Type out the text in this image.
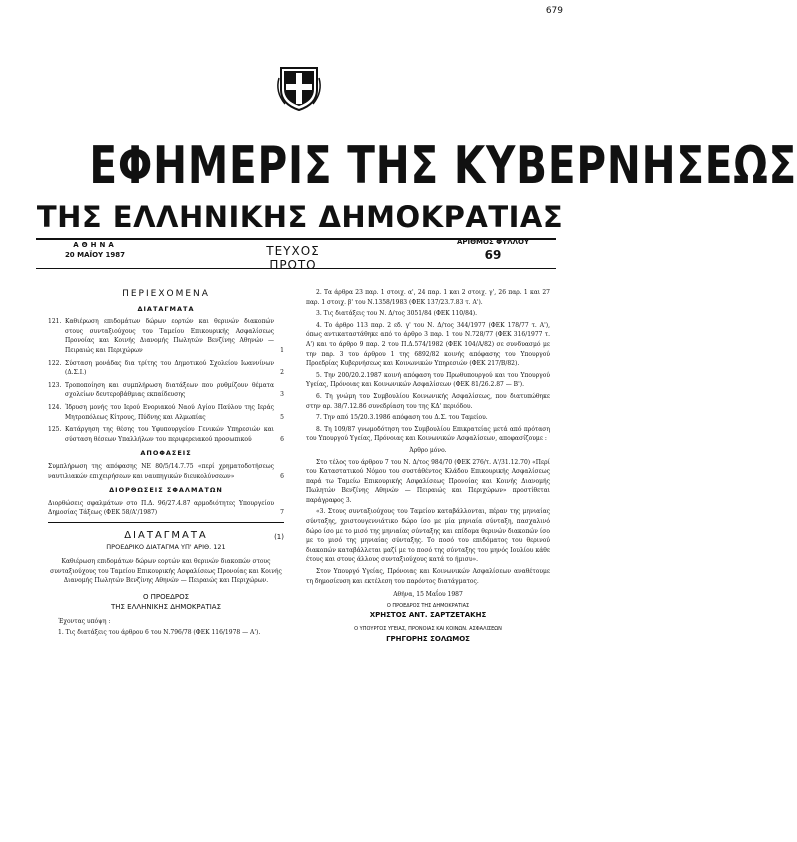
679
ΕΦΗΜΕΡΙΣ ΤΗΣ ΚΥΒΕΡΝΗΣΕΩΣ
ΤΗΣ ΕΛΛΗΝΙΚΗΣ ΔΗΜΟΚΡΑΤΙΑΣ
ΑΘΗΝΑ
20 ΜΑΪΟΥ 1987	ΤΕΥΧΟΣ ΠΡΩΤΟ
ΑΡΙΘΜΟΣ ΦΥΛΛΟΥ
69
ΠΕΡΙΕΧΟΜΕΝΑ
ΔΙΑΤΑΓΜΑΤΑ
121. Καθιέρωση επιδομάτων δώρων εορτών και θερινών διακοπών στους συνταξιούχους του Ταμείου Επικουρικής Ασφαλίσεως Προνοίας και Κοινής Διανομής Πωλητών Βενζίνης Αθηνών — Πειραιώς και Περιχώρων	1
122. Σύσταση μονάδας δια τρίτης του Δημοτικού Σχολείου Ιωαννίνων (Δ.Σ.Ι.)	2
123. Τροποποίηση και συμπλήρωση διατάξεων που ρυθμίζουν θέματα σχολείων δευτεροβάθμιας εκπαίδευσης	3
124. Ίδρυση μονής του Ιερού Ενοριακού Ναού Αγίου Παύλου της Ιεράς Μητροπόλεως Κίτρους, Πύδνης και Αλμωπίας	5
125. Κατάργηση της θέσης του Υφυπουργείου Γενικών Υπηρεσιών και σύσταση θέσεων Υπαλλήλων του περιφερειακού προσωπικού	6
ΑΠΟΦΑΣΕΙΣ
Συμπλήρωση της απόφασης ΝΕ 80/5/14.7.75 «περί χρηματοδοτήσεως ναυτιλιακών επιχειρήσεων και ναυπηγικών διευκολύνσεων»	6
ΔΙΟΡΘΩΣΕΙΣ ΣΦΑΛΜΑΤΩΝ
Διορθώσεις σφαλμάτων στο Π.Δ. 96/27.4.87 αρμοδιότητες Υπουργείου Δημοσίας Τάξεως (ΦΕΚ 58/Α'/1987)	7
ΔΙΑΤΑΓΜΑΤΑ
ΠΡΟΕΔΡΙΚΟ ΔΙΑΤΑΓΜΑ ΥΠ' ΑΡΙΘ. 121
(1)
Καθιέρωση επιδομάτων δώρων εορτών και θερινών διακοπών στους συνταξιούχους του Ταμείου Επικουρικής Ασφαλίσεως Προνοίας και Κοινής Διανομής Πωλητών Βενζίνης Αθηνών — Πειραιώς και Περιχώρων.
Ο ΠΡΟΕΔΡΟΣ
ΤΗΣ ΕΛΛΗΝΙΚΗΣ ΔΗΜΟΚΡΑΤΙΑΣ
Έχοντας υπόψη :
1. Τις διατάξεις του άρθρου 6 του Ν.796/78 (ΦΕΚ 116/1978 — Α').
2. Τα άρθρα 23 παρ. 1 στοιχ. α', 24 παρ. 1 και 2 στοιχ. γ', 26 παρ. 1 και 27 παρ. 1 στοιχ. β' του Ν.1358/1983 (ΦΕΚ 137/23.7.83 τ. Α').
3. Τις διατάξεις του Ν. Δ/τος 3051/84 (ΦΕΚ 110/84).
4. Το άρθρο 113 παρ. 2 εδ. γ' του Ν. Δ/τος 344/1977 (ΦΕΚ 178/77 τ. Α'), όπως αντικαταστάθηκε από το άρθρο 3 παρ. 1 του Ν.728/77 (ΦΕΚ 316/1977 τ. Α') και το άρθρο 9 παρ. 2 του Π.Δ.574/1982 (ΦΕΚ 104/Α/82) σε συνδυασμό με την παρ. 3 του άρθρου 1 της 6892/82 κοινής απόφασης του Υπουργού Προεδρίας Κυβερνήσεως και Κοινωνικών Υπηρεσιών (ΦΕΚ 217/Β/82).
5. Την 200/20.2.1987 κοινή απόφαση του Πρωθυπουργού και του Υπουργού Υγείας, Πρόνοιας και Κοινωνικών Ασφαλίσεων (ΦΕΚ 81/26.2.87 — Β').
6. Τη γνώμη του Συμβουλίου Κοινωνικής Ασφαλίσεως, που διατυπώθηκε στην αρ. 38/7.12.86 συνεδρίαση του της ΚΔ' περιόδου.
7. Την από 15/20.3.1986 απόφαση του Δ.Σ. του Ταμείου.
8. Τη 109/87 γνωμοδότηση του Συμβουλίου Επικρατείας μετά από πρόταση του Υπουργού Υγείας, Πρόνοιας και Κοινωνικών Ασφαλίσεων, αποφασίζουμε :
Άρθρο μόνο.
Στο τέλος του άρθρου 7 του Ν. Δ/τος 984/70 (ΦΕΚ 276/τ. Α'/31.12.70) «Περί του Καταστατικού Νόμου του συστάθέντος Κλάδου Επικουρικής Ασφαλίσεως παρά τω Ταμείω Επικουρικής Ασφαλίσεως Προνοίας και Κοινής Διανομής Πωλητών Βενζίνης Αθηνών — Πειραιώς και Περιχώρων» προστίθεται παράγραφος 3.
«3. Στους συνταξιούχους του Ταμείου καταβάλλονται, πέραν της μηνιαίας σύνταξης, χριστουγεννιάτικο δώρο ίσο με μία μηνιαία σύνταξη, πασχαλινό δώρο ίσο με το μισό της μηνιαίας σύνταξης και επίδομα θερινών διακοπών ίσο με το μισό της μηνιαίας σύνταξης. Το ποσό του επιδόματος του θερινού διακοπών καταβάλλεται μαζί με το ποσό της σύνταξης του μηνός Ιουλίου κάθε έτους και στους άλλους συνταξιούχους κατά το ήμισυ».
Στον Υπουργό Υγείας, Πρόνοιας και Κοινωνικών Ασφαλίσεων αναθέτουμε τη δημοσίευση και εκτέλεση του παρόντος διατάγματος.
Αθήνα, 15 Μαΐου 1987
Ο ΠΡΟΕΔΡΟΣ ΤΗΣ ΔΗΜΟΚΡΑΤΙΑΣ
ΧΡΗΣΤΟΣ ΑΝΤ. ΣΑΡΤΖΕΤΑΚΗΣ
Ο ΥΠΟΥΡΓΟΣ ΥΓΕΙΑΣ, ΠΡΟΝΟΙΑΣ ΚΑΙ ΚΟΙΝΩΝ. ΑΣΦΑΛΙΣΕΩΝ
ΓΡΗΓΟΡΗΣ ΣΟΛΩΜΟΣ
